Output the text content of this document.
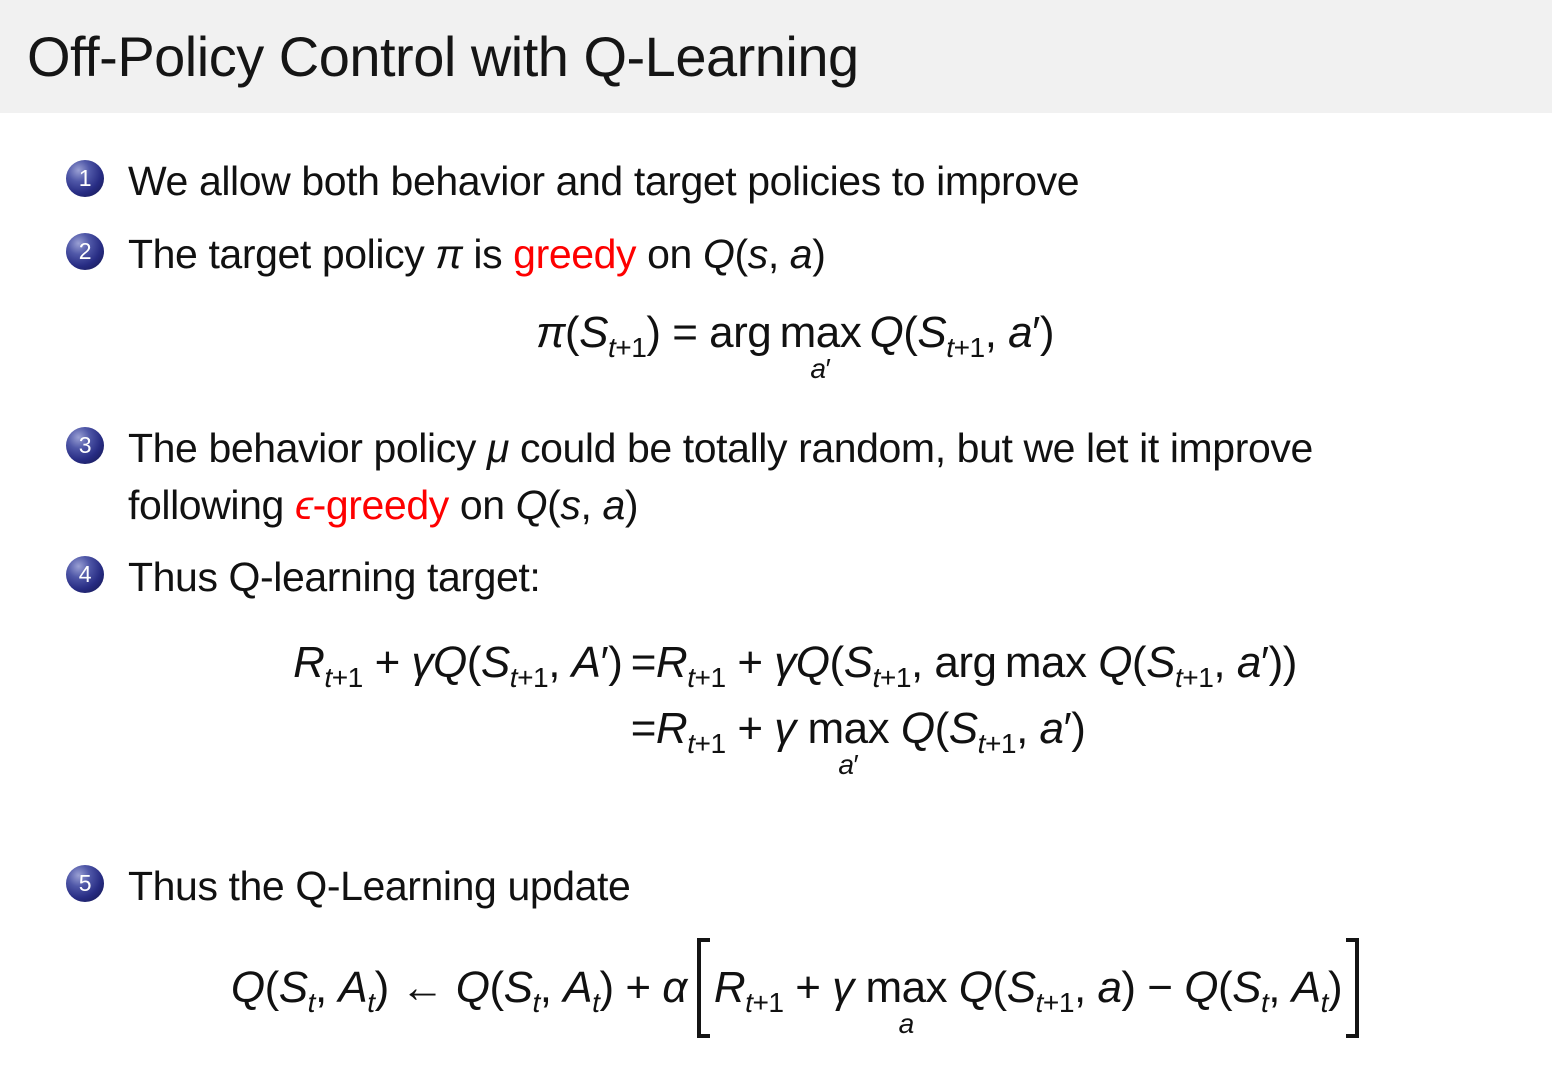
Off-Policy Control with Q-Learning
1 We allow both behavior and target policies to improve
2 The target policy π is greedy on Q(s, a)
$\pi(S_{t+1})$ = arg max
a′
 $Q(S_{t+1}$, a′)
3 The behavior policy μ could be totally random, but we let it improve
following ϵ-greedy on Q(s, a)
4 Thus Q-learning target:
$R_{t+1} + \gamma Q(S_{t+1}$, A′) 	$=R_{t+1} + \gamma Q(S_{t+1}$, arg $\max Q(S_{t+1}$, a′))
	$=R_{t+1} + \gamma$ max
a′
$Q(S_{t+1}$, a′)
5 Thus the Q-Learning update
$Q(S_t$, $A_t$) ← $Q(S_t$, $A_t) + \alpha$ $R_{t+1} + \gamma$ max
a
$Q(S_{t+1}$, $a) - Q(S_t$, $A_t$)
